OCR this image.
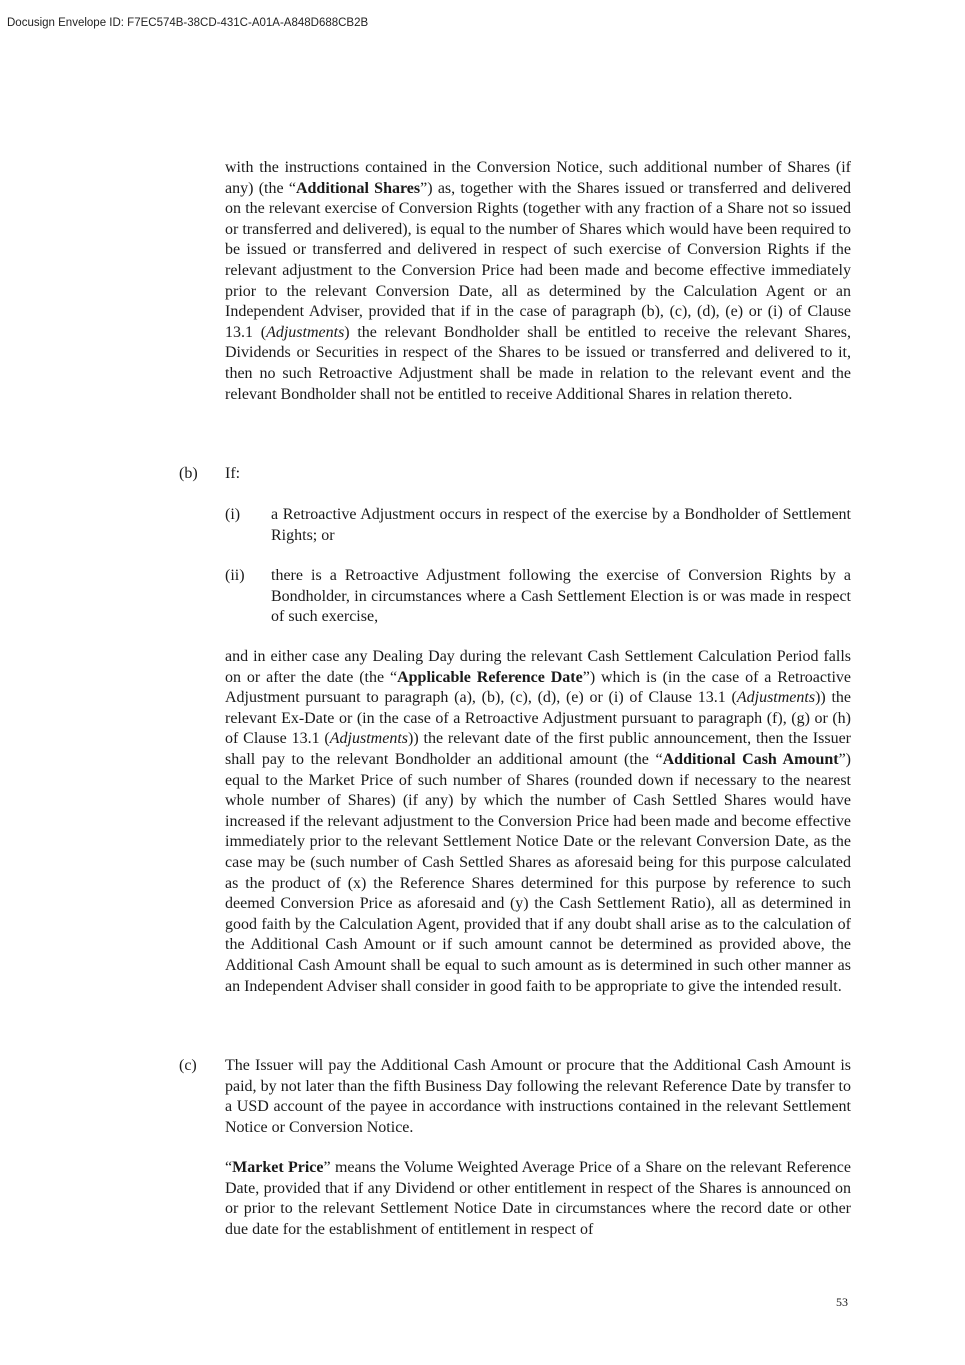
Docusign Envelope ID: F7EC574B-38CD-431C-A01A-A848D688CB2B

with the instructions contained in the Conversion Notice, such additional number of Shares (if any) (the “Additional Shares”) as, together with the Shares issued or transferred and delivered on the relevant exercise of Conversion Rights (together with any fraction of a Share not so issued or transferred and delivered), is equal to the number of Shares which would have been required to be issued or transferred and delivered in respect of such exercise of Conversion Rights if the relevant adjustment to the Conversion Price had been made and become effective immediately prior to the relevant Conversion Date, all as determined by the Calculation Agent or an Independent Adviser, provided that if in the case of paragraph (b), (c), (d), (e) or (i) of Clause 13.1 (Adjustments) the relevant Bondholder shall be entitled to receive the relevant Shares, Dividends or Securities in respect of the Shares to be issued or transferred and delivered to it, then no such Retroactive Adjustment shall be made in relation to the relevant event and the relevant Bondholder shall not be entitled to receive Additional Shares in relation thereto.

(b) If:
(i) a Retroactive Adjustment occurs in respect of the exercise by a Bondholder of Settlement Rights; or

(ii) there is a Retroactive Adjustment following the exercise of Conversion Rights by a Bondholder, in circumstances where a Cash Settlement Election is or was made in respect of such exercise,

and in either case any Dealing Day during the relevant Cash Settlement Calculation Period falls on or after the date (the “Applicable Reference Date”) which is (in the case of a Retroactive Adjustment pursuant to paragraph (a), (b), (c), (d), (e) or (i) of Clause 13.1 (Adjustments)) the relevant Ex-Date or (in the case of a Retroactive Adjustment pursuant to paragraph (f), (g) or (h) of Clause 13.1 (Adjustments)) the relevant date of the first public announcement, then the Issuer shall pay to the relevant Bondholder an additional amount (the “Additional Cash Amount”) equal to the Market Price of such number of Shares (rounded down if necessary to the nearest whole number of Shares) (if any) by which the number of Cash Settled Shares would have increased if the relevant adjustment to the Conversion Price had been made and become effective immediately prior to the relevant Settlement Notice Date or the relevant Conversion Date, as the case may be (such number of Cash Settled Shares as aforesaid being for this purpose calculated as the product of (x) the Reference Shares determined for this purpose by reference to such deemed Conversion Price as aforesaid and (y) the Cash Settlement Ratio), all as determined in good faith by the Calculation Agent, provided that if any doubt shall arise as to the calculation of the Additional Cash Amount or if such amount cannot be determined as provided above, the Additional Cash Amount shall be equal to such amount as is determined in such other manner as an Independent Adviser shall consider in good faith to be appropriate to give the intended result.

(c) The Issuer will pay the Additional Cash Amount or procure that the Additional Cash Amount is paid, by not later than the fifth Business Day following the relevant Reference Date by transfer to a USD account of the payee in accordance with instructions contained in the relevant Settlement Notice or Conversion Notice.

“Market Price” means the Volume Weighted Average Price of a Share on the relevant Reference Date, provided that if any Dividend or other entitlement in respect of the Shares is announced on or prior to the relevant Settlement Notice Date in circumstances where the record date or other due date for the establishment of entitlement in respect of

53
